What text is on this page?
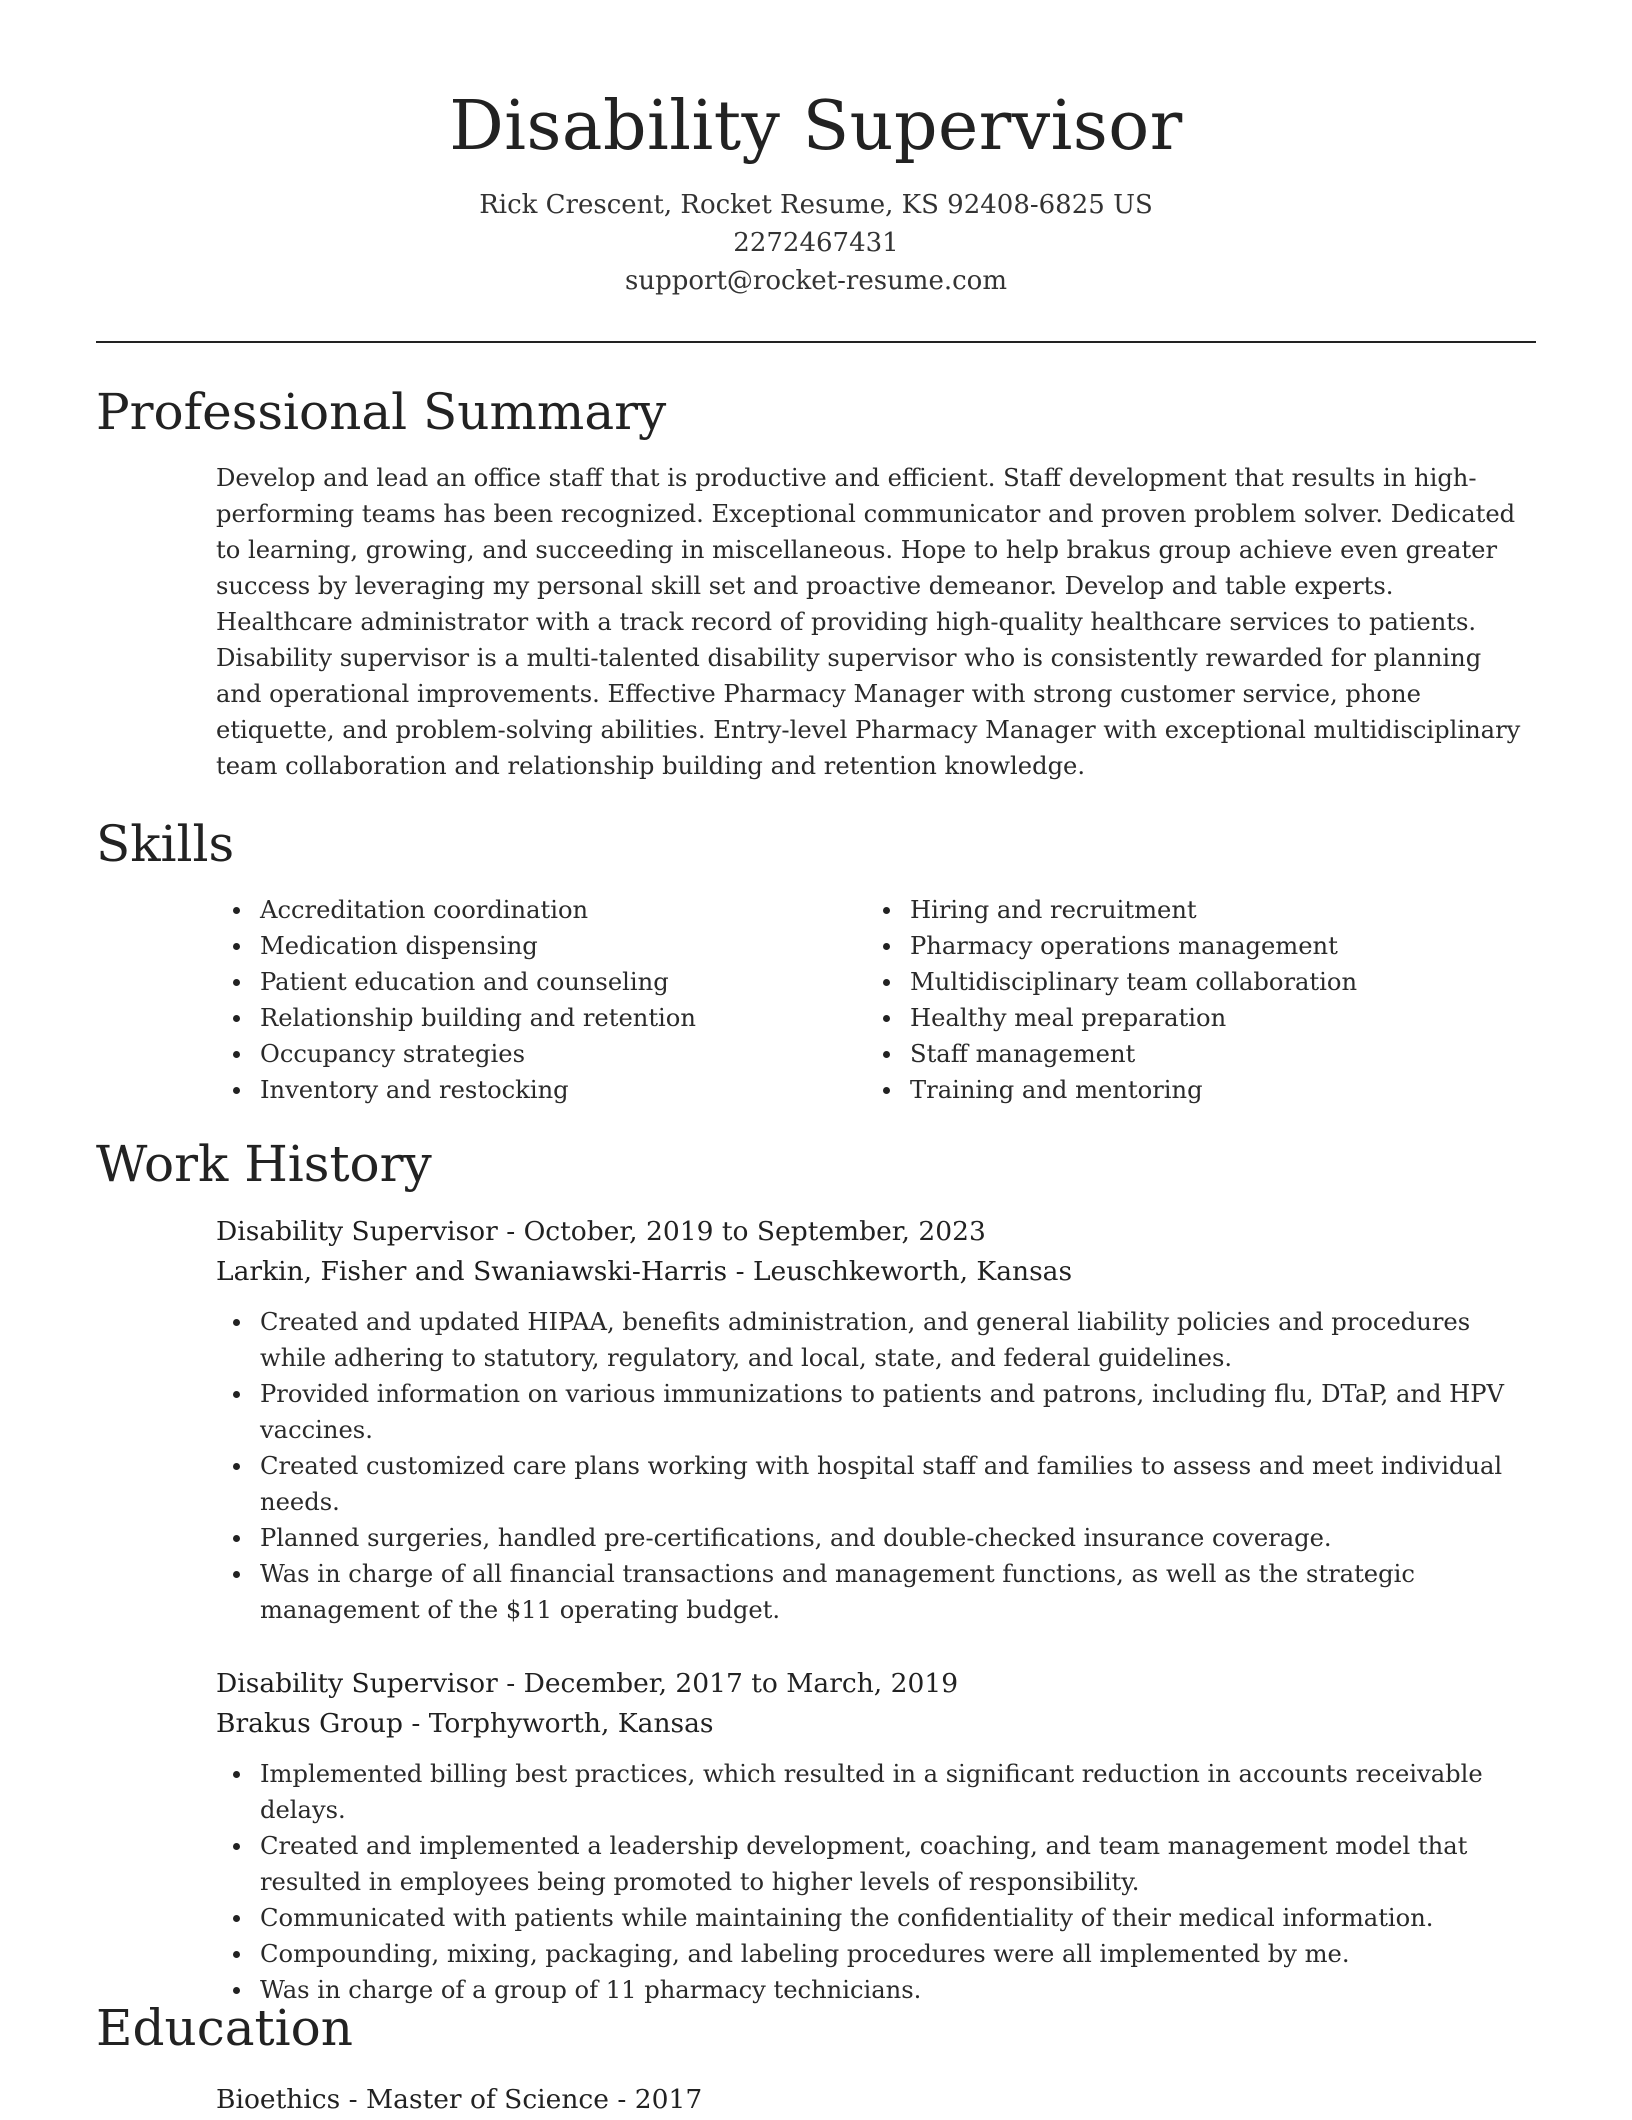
Disability Supervisor
Rick Crescent, Rocket Resume, KS 92408-6825 US
2272467431
support@rocket-resume.com
Professional Summary

Develop and lead an office staff that is productive and efficient. Staff development that results in high-performing teams has been recognized. Exceptional communicator and proven problem solver. Dedicated to learning, growing, and succeeding in miscellaneous. Hope to help brakus group achieve even greater success by leveraging my personal skill set and proactive demeanor. Develop and table experts. Healthcare administrator with a track record of providing high-quality healthcare services to patients. Disability supervisor is a multi-talented disability supervisor who is consistently rewarded for planning and operational improvements. Effective Pharmacy Manager with strong customer service, phone etiquette, and problem-solving abilities. Entry-level Pharmacy Manager with exceptional multidisciplinary team collaboration and relationship building and retention knowledge.

Skills
Accreditation coordination
Medication dispensing
Patient education and counseling
Relationship building and retention
Occupancy strategies
Inventory and restocking
Hiring and recruitment
Pharmacy operations management
Multidisciplinary team collaboration
Healthy meal preparation
Staff management
Training and mentoring
Work History
Disability Supervisor - October, 2019 to September, 2023
Larkin, Fisher and Swaniawski-Harris - Leuschkeworth, Kansas
Created and updated HIPAA, benefits administration, and general liability policies and procedures while adhering to statutory, regulatory, and local, state, and federal guidelines.
Provided information on various immunizations to patients and patrons, including flu, DTaP, and HPV vaccines.
Created customized care plans working with hospital staff and families to assess and meet individual needs.
Planned surgeries, handled pre-certifications, and double-checked insurance coverage.
Was in charge of all financial transactions and management functions, as well as the strategic management of the $11 operating budget.
Disability Supervisor - December, 2017 to March, 2019
Brakus Group - Torphyworth, Kansas
Implemented billing best practices, which resulted in a significant reduction in accounts receivable delays.
Created and implemented a leadership development, coaching, and team management model that resulted in employees being promoted to higher levels of responsibility.
Communicated with patients while maintaining the confidentiality of their medical information.
Compounding, mixing, packaging, and labeling procedures were all implemented by me.
Was in charge of a group of 11 pharmacy technicians.
Education
Bioethics - Master of Science - 2017
